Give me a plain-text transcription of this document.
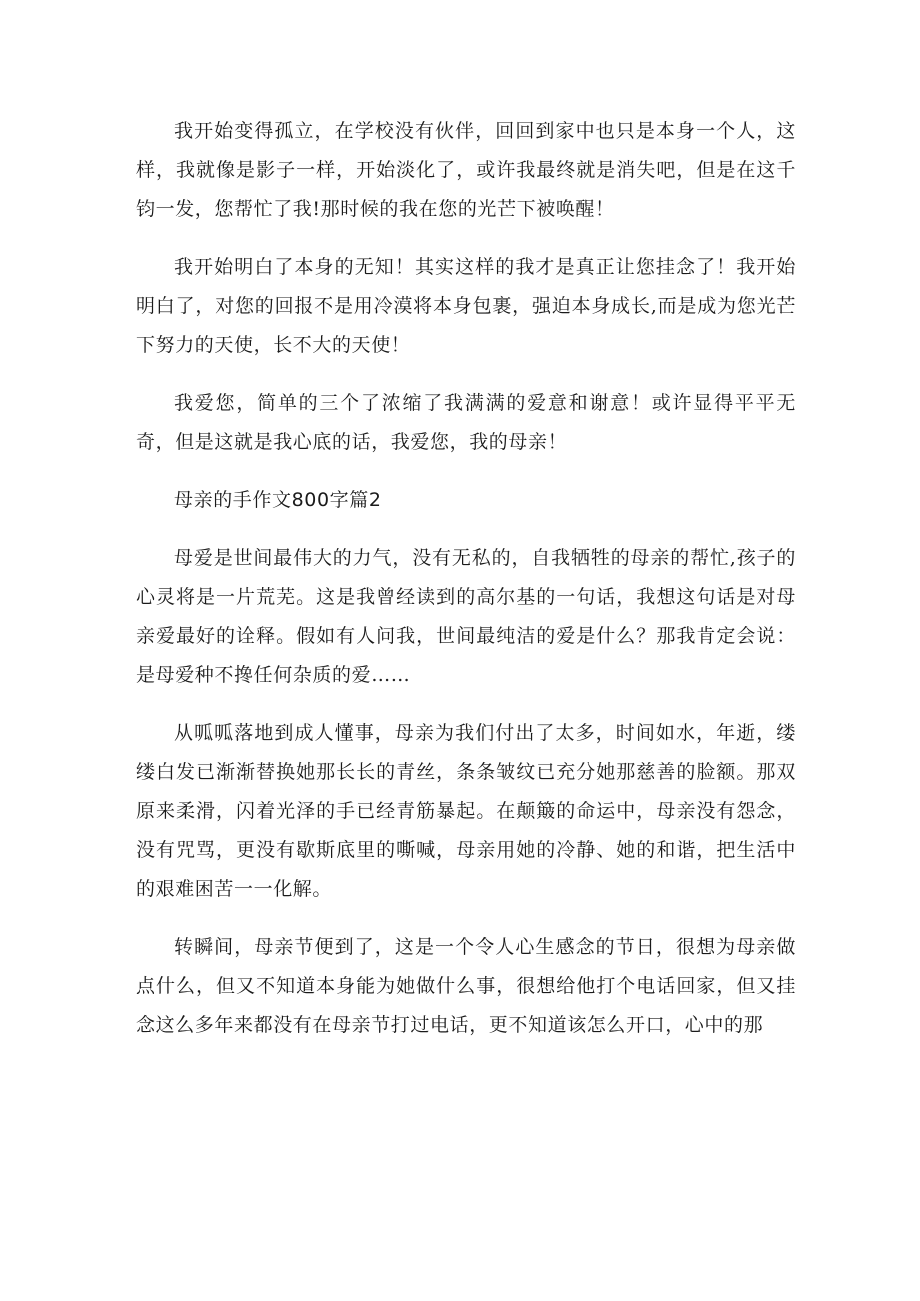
我开始变得孤立，在学校没有伙伴，回回到家中也只是本身一个人，这样，我就像是影子一样，开始淡化了，或许我最终就是消失吧，但是在这千钧一发，您帮忙了我!那时候的我在您的光芒下被唤醒！

我开始明白了本身的无知！其实这样的我才是真正让您挂念了！我开始明白了，对您的回报不是用冷漠将本身包裹，强迫本身成长,而是成为您光芒下努力的天使，长不大的天使！

我爱您，简单的三个了浓缩了我满满的爱意和谢意！或许显得平平无奇，但是这就是我心底的话，我爱您，我的母亲！

母亲的手作文800字篇2

母爱是世间最伟大的力气，没有无私的，自我牺牲的母亲的帮忙,孩子的心灵将是一片荒芜。这是我曾经读到的高尔基的一句话，我想这句话是对母亲爱最好的诠释。假如有人问我，世间最纯洁的爱是什么？那我肯定会说：是母爱种不搀任何杂质的爱……

从呱呱落地到成人懂事，母亲为我们付出了太多，时间如水，年逝，缕缕白发已渐渐替换她那长长的青丝，条条皱纹已充分她那慈善的脸额。那双原来柔滑，闪着光泽的手已经青筋暴起。在颠簸的命运中，母亲没有怨念，没有咒骂，更没有歇斯底里的嘶喊，母亲用她的冷静、她的和谐，把生活中的艰难困苦一一化解。

转瞬间，母亲节便到了，这是一个令人心生感念的节日，很想为母亲做点什么，但又不知道本身能为她做什么事，很想给他打个电话回家，但又挂念这么多年来都没有在母亲节打过电话，更不知道该怎么开口，心中的那
